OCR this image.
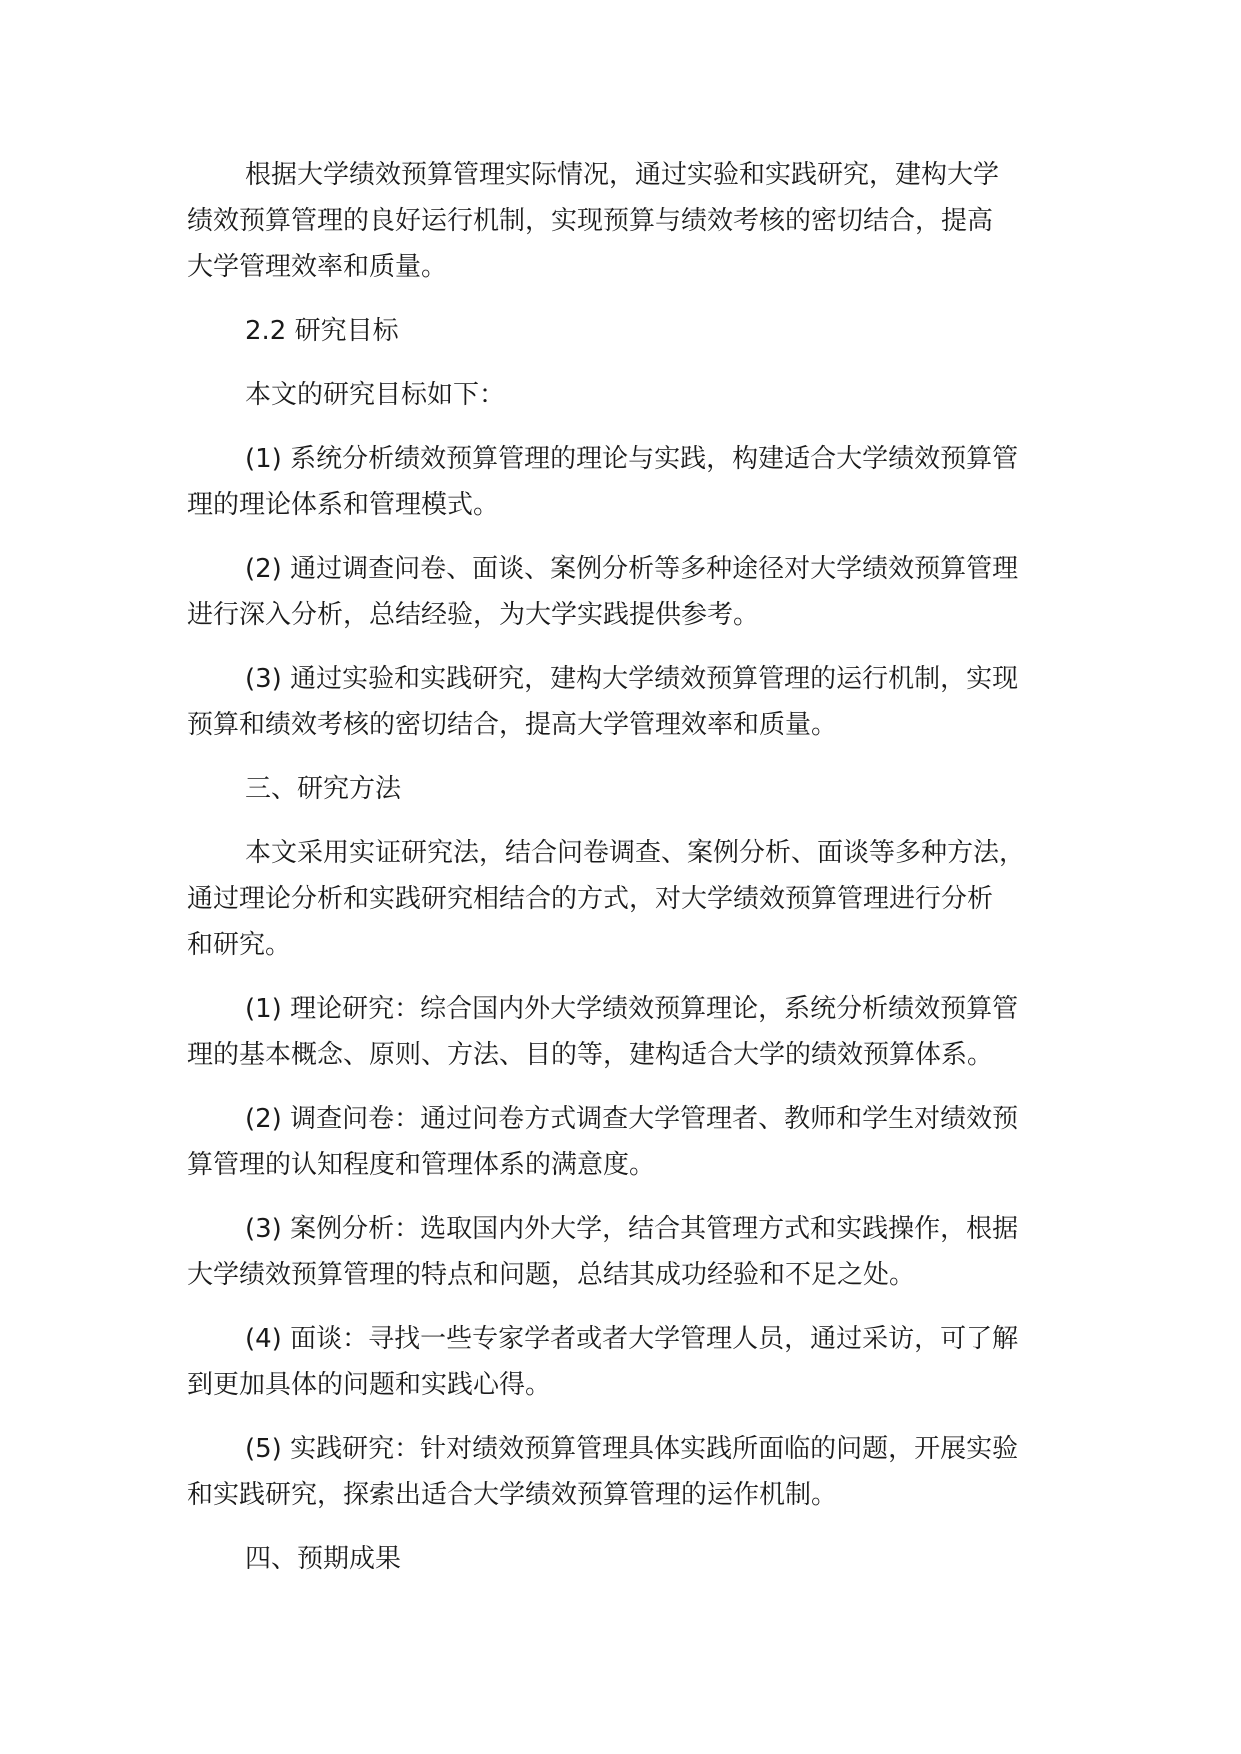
根据大学绩效预算管理实际情况，通过实验和实践研究，建构大学
绩效预算管理的良好运行机制，实现预算与绩效考核的密切结合，提高
大学管理效率和质量。
2.2 研究目标
本文的研究目标如下：
(1) 系统分析绩效预算管理的理论与实践，构建适合大学绩效预算管
理的理论体系和管理模式。
(2) 通过调查问卷、面谈、案例分析等多种途径对大学绩效预算管理
进行深入分析，总结经验，为大学实践提供参考。
(3) 通过实验和实践研究，建构大学绩效预算管理的运行机制，实现
预算和绩效考核的密切结合，提高大学管理效率和质量。
三、研究方法
本文采用实证研究法，结合问卷调查、案例分析、面谈等多种方法，
通过理论分析和实践研究相结合的方式，对大学绩效预算管理进行分析
和研究。
(1) 理论研究：综合国内外大学绩效预算理论，系统分析绩效预算管
理的基本概念、原则、方法、目的等，建构适合大学的绩效预算体系。
(2) 调查问卷：通过问卷方式调查大学管理者、教师和学生对绩效预
算管理的认知程度和管理体系的满意度。
(3) 案例分析：选取国内外大学，结合其管理方式和实践操作，根据
大学绩效预算管理的特点和问题，总结其成功经验和不足之处。
(4) 面谈：寻找一些专家学者或者大学管理人员，通过采访，可了解
到更加具体的问题和实践心得。
(5) 实践研究：针对绩效预算管理具体实践所面临的问题，开展实验
和实践研究，探索出适合大学绩效预算管理的运作机制。
四、预期成果
